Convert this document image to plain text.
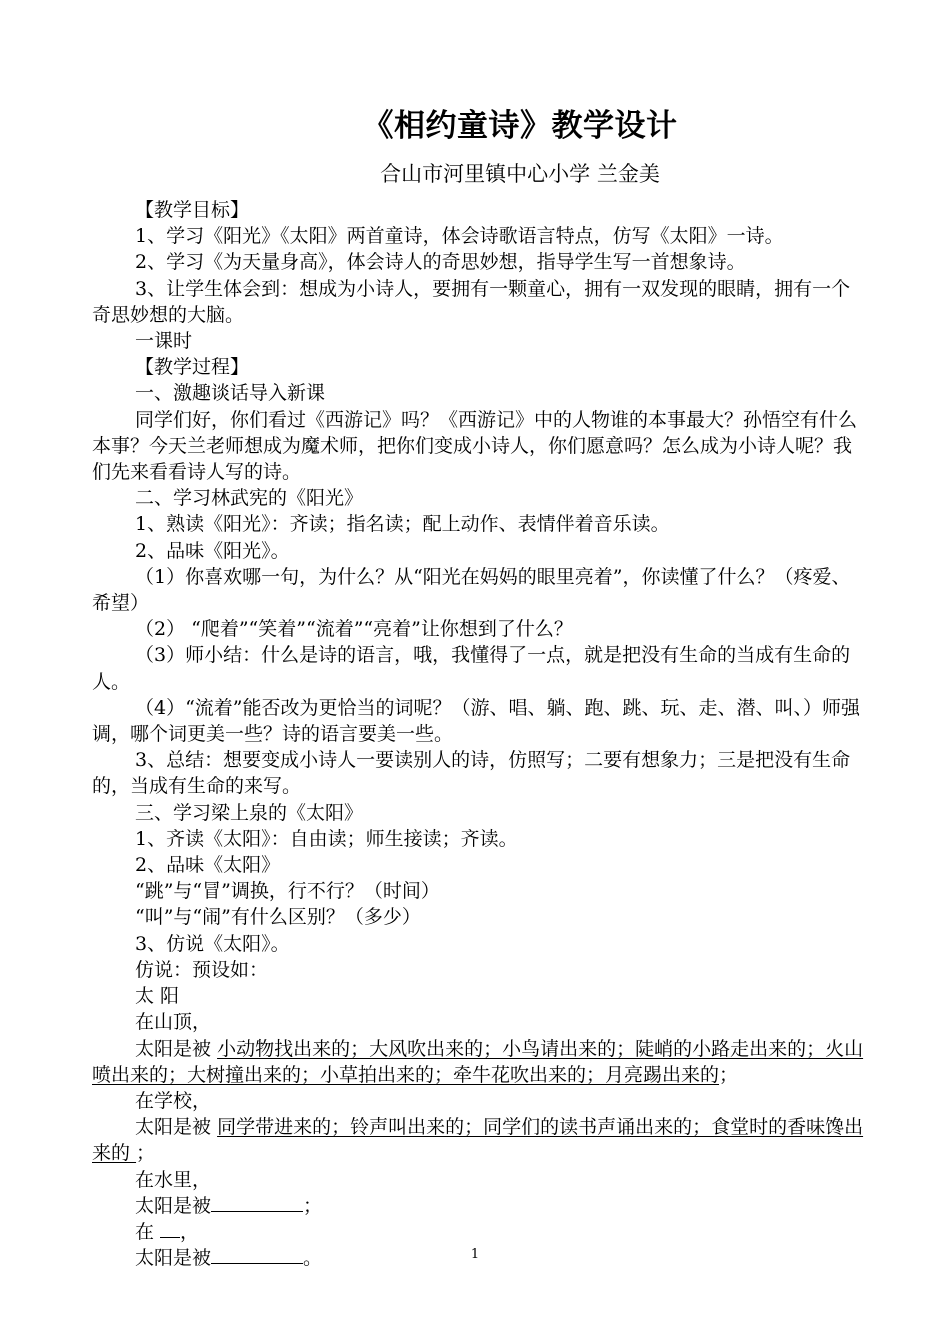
《相约童诗》教学设计
合山市河里镇中心小学 兰金美

【教学目标】

1、学习《阳光》《太阳》两首童诗，体会诗歌语言特点，仿写《太阳》一诗。

2、学习《为天量身高》，体会诗人的奇思妙想，指导学生写一首想象诗。

3、让学生体会到：想成为小诗人，要拥有一颗童心，拥有一双发现的眼睛，拥有一个奇思妙想的大脑。

一课时

【教学过程】

一、激趣谈话导入新课

同学们好，你们看过《西游记》吗？《西游记》中的人物谁的本事最大？孙悟空有什么本事？今天兰老师想成为魔术师，把你们变成小诗人，你们愿意吗？怎么成为小诗人呢？我们先来看看诗人写的诗。

二、学习林武宪的《阳光》

1、熟读《阳光》：齐读；指名读；配上动作、表情伴着音乐读。

2、品味《阳光》。

（1）你喜欢哪一句，为什么？从“阳光在妈妈的眼里亮着”，你读懂了什么？（疼爱、希望）

（2） “爬着”“笑着”“流着”“亮着”让你想到了什么？

（3）师小结：什么是诗的语言，哦，我懂得了一点，就是把没有生命的当成有生命的人。

（4）“流着”能否改为更恰当的词呢？（游、唱、躺、跑、跳、玩、走、潜、叫、）师强调，哪个词更美一些？诗的语言要美一些。

3、总结：想要变成小诗人一要读别人的诗，仿照写；二要有想象力；三是把没有生命的，当成有生命的来写。

三、学习梁上泉的《太阳》

1、齐读《太阳》：自由读；师生接读；齐读。

2、品味《太阳》

“跳”与“冒”调换，行不行？（时间）

“叫”与“闹”有什么区别？（多少）

3、仿说《太阳》。

仿说：预设如：

太 阳

在山顶，

太阳是被 小动物找出来的；大风吹出来的；小鸟请出来的；陡峭的小路走出来的；火山喷出来的；大树撞出来的；小草拍出来的；牵牛花吹出来的；月亮踢出来的；

在学校，

太阳是被 同学带进来的；铃声叫出来的；同学们的读书声诵出来的；食堂时的香味馋出来的 ；

在水里，

太阳是被	；

在 ，

太阳是被	。	1
